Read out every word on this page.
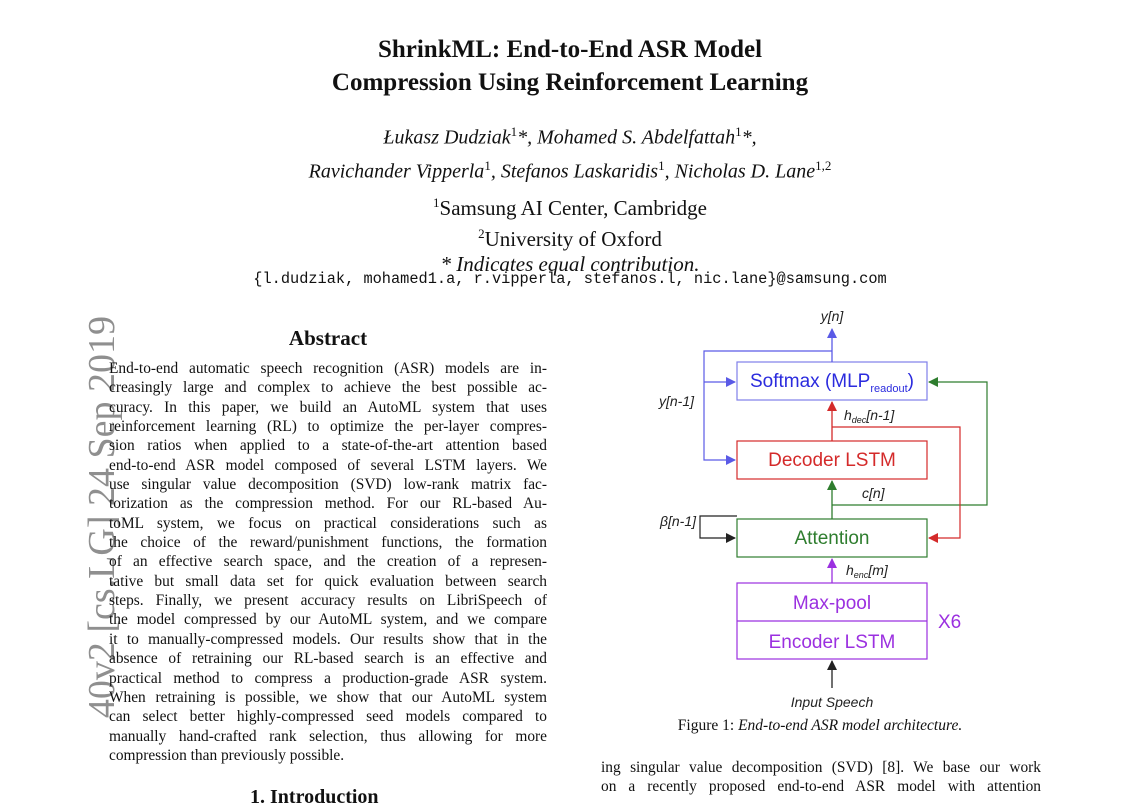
ShrinkML: End-to-End ASR Model
Compression Using Reinforcement Learning
Łukasz Dudziak$^1$*, Mohamed S. Abdelfattah$^1$*,
Ravichander Vipperla$^1$, Stefanos Laskaridis$^1$, Nicholas D. Lane$^{1,2}$
$^1$Samsung AI Center, Cambridge
$^2$University of Oxford
* Indicates equal contribution.
{l.dudziak, mohamed1.a, r.vipperla, stefanos.l, nic.lane}@samsung.com
40v2 [cs.LG] 24 Sep 2019	Abstract
End-to-end automatic speech recognition (ASR) models are in-
creasingly large and complex to achieve the best possible ac-
curacy. In this paper, we build an AutoML system that uses
reinforcement learning (RL) to optimize the per-layer compres-
sion ratios when applied to a state-of-the-art attention based
end-to-end ASR model composed of several LSTM layers. We
use singular value decomposition (SVD) low-rank matrix fac-
torization as the compression method. For our RL-based Au-
toML system, we focus on practical considerations such as
the choice of the reward/punishment functions, the formation
of an effective search space, and the creation of a represen-
tative but small data set for quick evaluation between search
steps. Finally, we present accuracy results on LibriSpeech of
the model compressed by our AutoML system, and we compare
it to manually-compressed models. Our results show that in the
absence of retraining our RL-based search is an effective and
practical method to compress a production-grade ASR system.
When retraining is possible, we show that our AutoML system
can select better highly-compressed seed models compared to
manually hand-crafted rank selection, thus allowing for more
compression than previously possible.
1. Introduction
Softmax $(MLP_{readout})$
Decoder LSTM
Attention
Max-pool
Encoder LSTM
X6
Input Speech
$h_{enc}[m]$
c[n]
$h_{dec}[n-1]$
y[n]
y[n-1]
β[n-1]
Figure 1: End-to-end ASR model architecture.
ing singular value decomposition (SVD) [8]. We base our work
on a recently proposed end-to-end ASR model with attention
